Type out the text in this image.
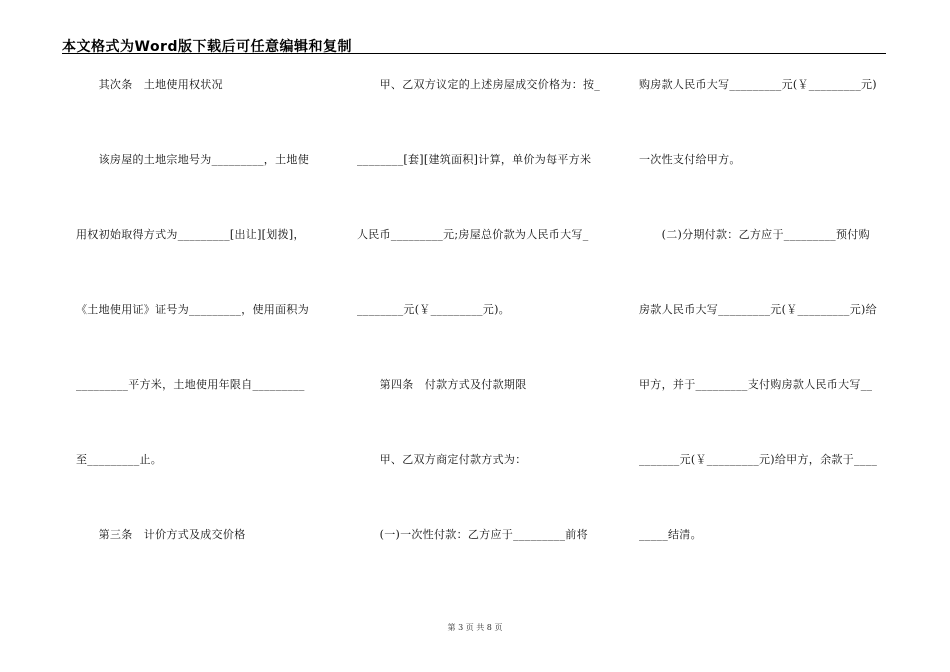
本文格式为Word版下载后可任意编辑和复制
　　其次条　土地使用权状况
　　该房屋的土地宗地号为_________，土地使
用权初始取得方式为_________[出让][划拨]，
《土地使用证》证号为_________，使用面积为
_________平方米，土地使用年限自_________
至_________止。
　　第三条　计价方式及成交价格
　　甲、乙双方议定的上述房屋成交价格为：按_
________[套][建筑面积]计算，单价为每平方米
人民币_________元;房屋总价款为人民币大写_
________元(￥_________元)。
　　第四条　付款方式及付款期限
　　甲、乙双方商定付款方式为：
　　(一)一次性付款：乙方应于_________前将
购房款人民币大写_________元(￥_________元)
一次性支付给甲方。
　　(二)分期付款：乙方应于_________预付购
房款人民币大写_________元(￥_________元)给
甲方，并于_________支付购房款人民币大写__
_______元(￥_________元)给甲方，余款于____
_____结清。
第 3 页 共 8 页
